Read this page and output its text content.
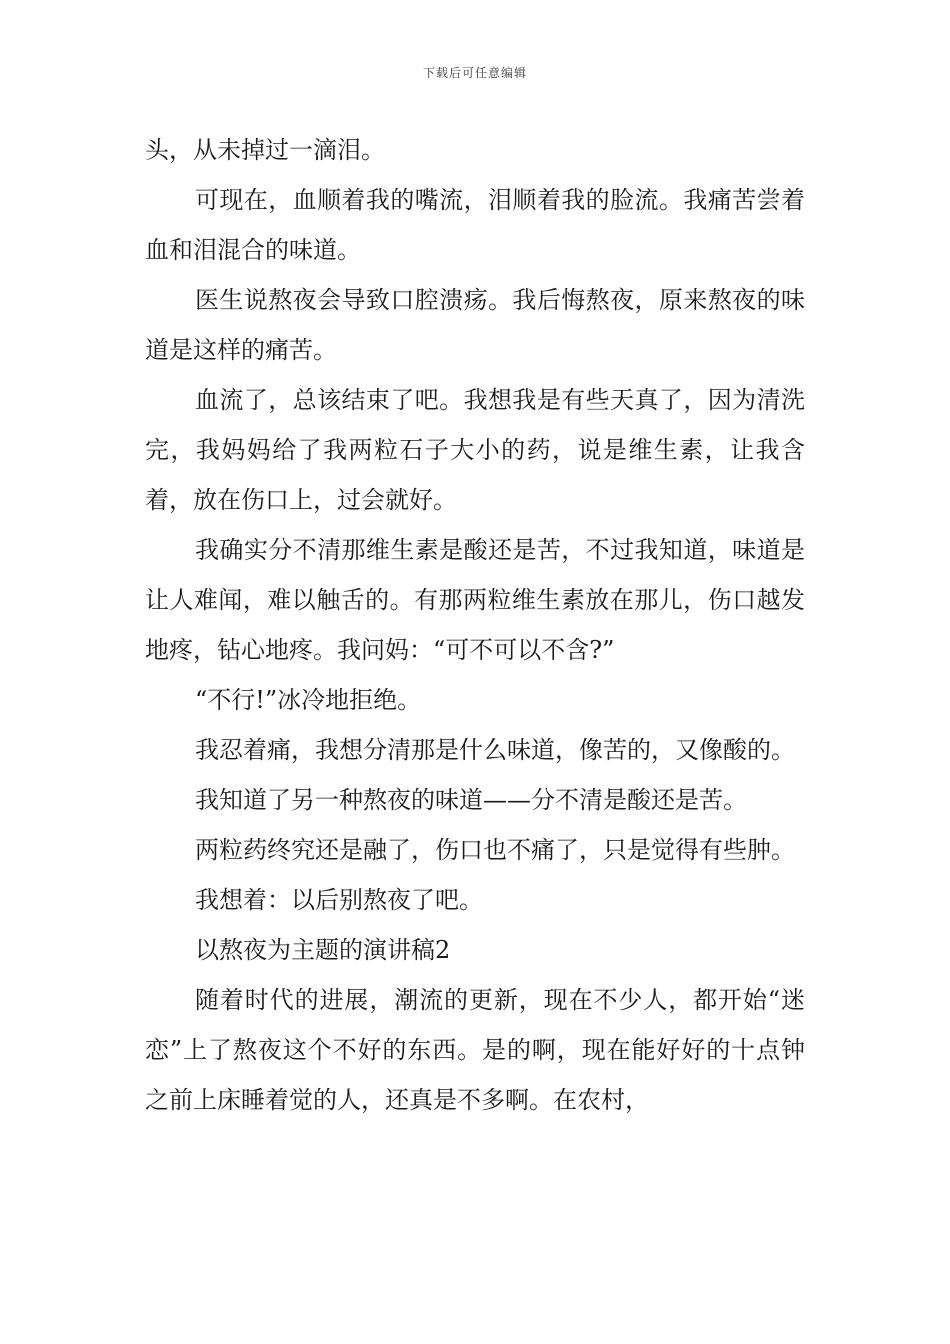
下载后可任意编辑

头，从未掉过一滴泪。

可现在，血顺着我的嘴流，泪顺着我的脸流。我痛苦尝着血和泪混合的味道。

医生说熬夜会导致口腔溃疡。我后悔熬夜，原来熬夜的味道是这样的痛苦。

血流了，总该结束了吧。我想我是有些天真了，因为清洗完，我妈妈给了我两粒石子大小的药，说是维生素，让我含着，放在伤口上，过会就好。

我确实分不清那维生素是酸还是苦，不过我知道，味道是让人难闻，难以触舌的。有那两粒维生素放在那儿，伤口越发地疼，钻心地疼。我问妈：“可不可以不含?”

“不行!”冰冷地拒绝。

我忍着痛，我想分清那是什么味道，像苦的，又像酸的。

我知道了另一种熬夜的味道——分不清是酸还是苦。

两粒药终究还是融了，伤口也不痛了，只是觉得有些肿。

我想着：以后别熬夜了吧。

以熬夜为主题的演讲稿2

随着时代的进展，潮流的更新，现在不少人，都开始“迷恋”上了熬夜这个不好的东西。是的啊，现在能好好的十点钟之前上床睡着觉的人，还真是不多啊。在农村，
